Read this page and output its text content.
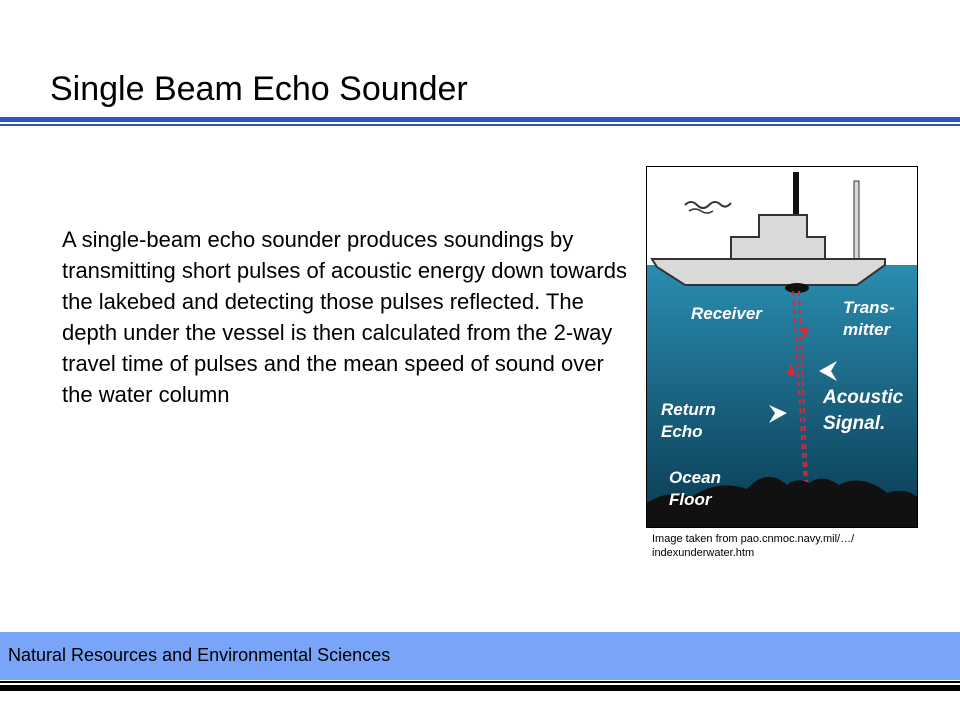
Single Beam Echo Sounder
A single-beam echo sounder produces soundings by transmitting short pulses of acoustic energy down towards the lakebed and detecting those pulses reflected. The depth under the vessel is then calculated from the 2-way travel time of pulses and the mean speed of sound over the water column
Receiver	Trans-
mitter
Acoustic
Signal.
Return
Echo
Ocean
Floor
Image taken from pao.cnmoc.navy.mil/…/ indexunderwater.htm
Natural Resources and Environmental Sciences
